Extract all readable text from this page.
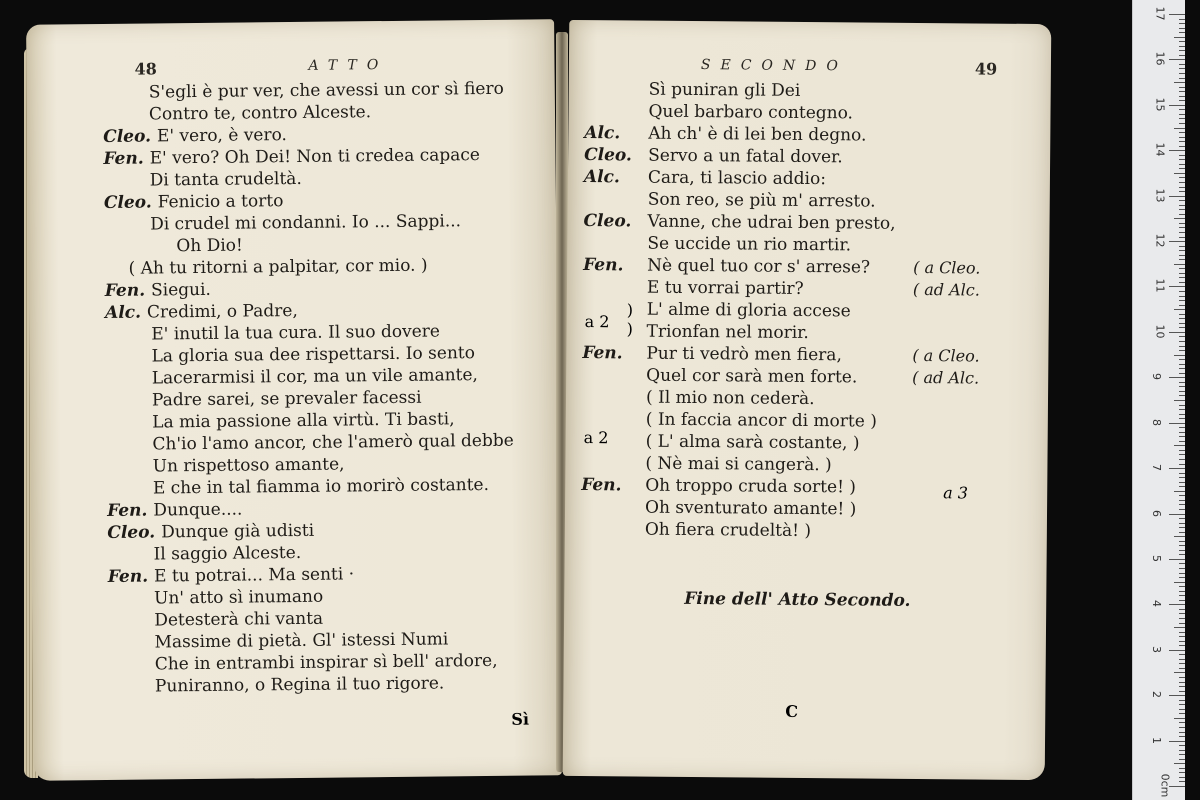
48	ATTO
S'egli è pur ver, che avessi un cor sì fiero
Contro te, contro Alceste.
Cleo. E' vero, è vero.
Fen. E' vero? Oh Dei! Non ti credea capace
Di tanta crudeltà.
Cleo. Fenicio a torto
Di crudel mi condanni. Io ... Sappi...
Oh Dio!
( Ah tu ritorni a palpitar, cor mio. )
Fen. Siegui.
Alc. Credimi, o Padre,
E' inutil la tua cura. Il suo dovere
La gloria sua dee rispettarsi. Io sento
Lacerarmisi il cor, ma un vile amante,
Padre sarei, se prevaler facessi
La mia passione alla virtù. Ti basti,
Ch'io l'amo ancor, che l'amerò qual debbe
Un rispettoso amante,
E che in tal fiamma io morirò costante.
Fen. Dunque....
Cleo. Dunque già udisti
Il saggio Alceste.
Fen. E tu potrai... Ma senti ·
Un' atto sì inumano
Detesterà chi vanta
Massime di pietà. Gl' istessi Numi
Che in entrambi inspirar sì bell' ardore,
Puniranno, o Regina il tuo rigore.
Sì
SECONDO	49
Sì puniran gli Dei
Quel barbaro contegno.
Alc. Ah ch' è di lei ben degno.
Cleo. Servo a un fatal dover.
Alc. Cara, ti lascio addio:
Son reo, se più m' arresto.
Cleo. Vanne, che udrai ben presto,
Se uccide un rio martir.
Fen. Nè quel tuo cor s' arrese?	( a Cleo.
E tu vorrai partir?	( ad Alc.
L' alme di gloria accese
Trionfan nel morir.
Fen. Pur ti vedrò men fiera,	( a Cleo.
Quel cor sarà men forte.	( ad Alc.
( Il mio non cederà.
( In faccia ancor di morte )
( L' alma sarà costante, )
( Nè mai si cangerà. )
Fen. Oh troppo cruda sorte! )
Oh sventurato amante! )
Oh fiera crudeltà! )
a 2
)
)
a 2
a 3
Fine dell' Atto Secondo.
C
0cm
1
2
3
4
5
6
7
8
9
10
11
12
13
14
15
16
17
